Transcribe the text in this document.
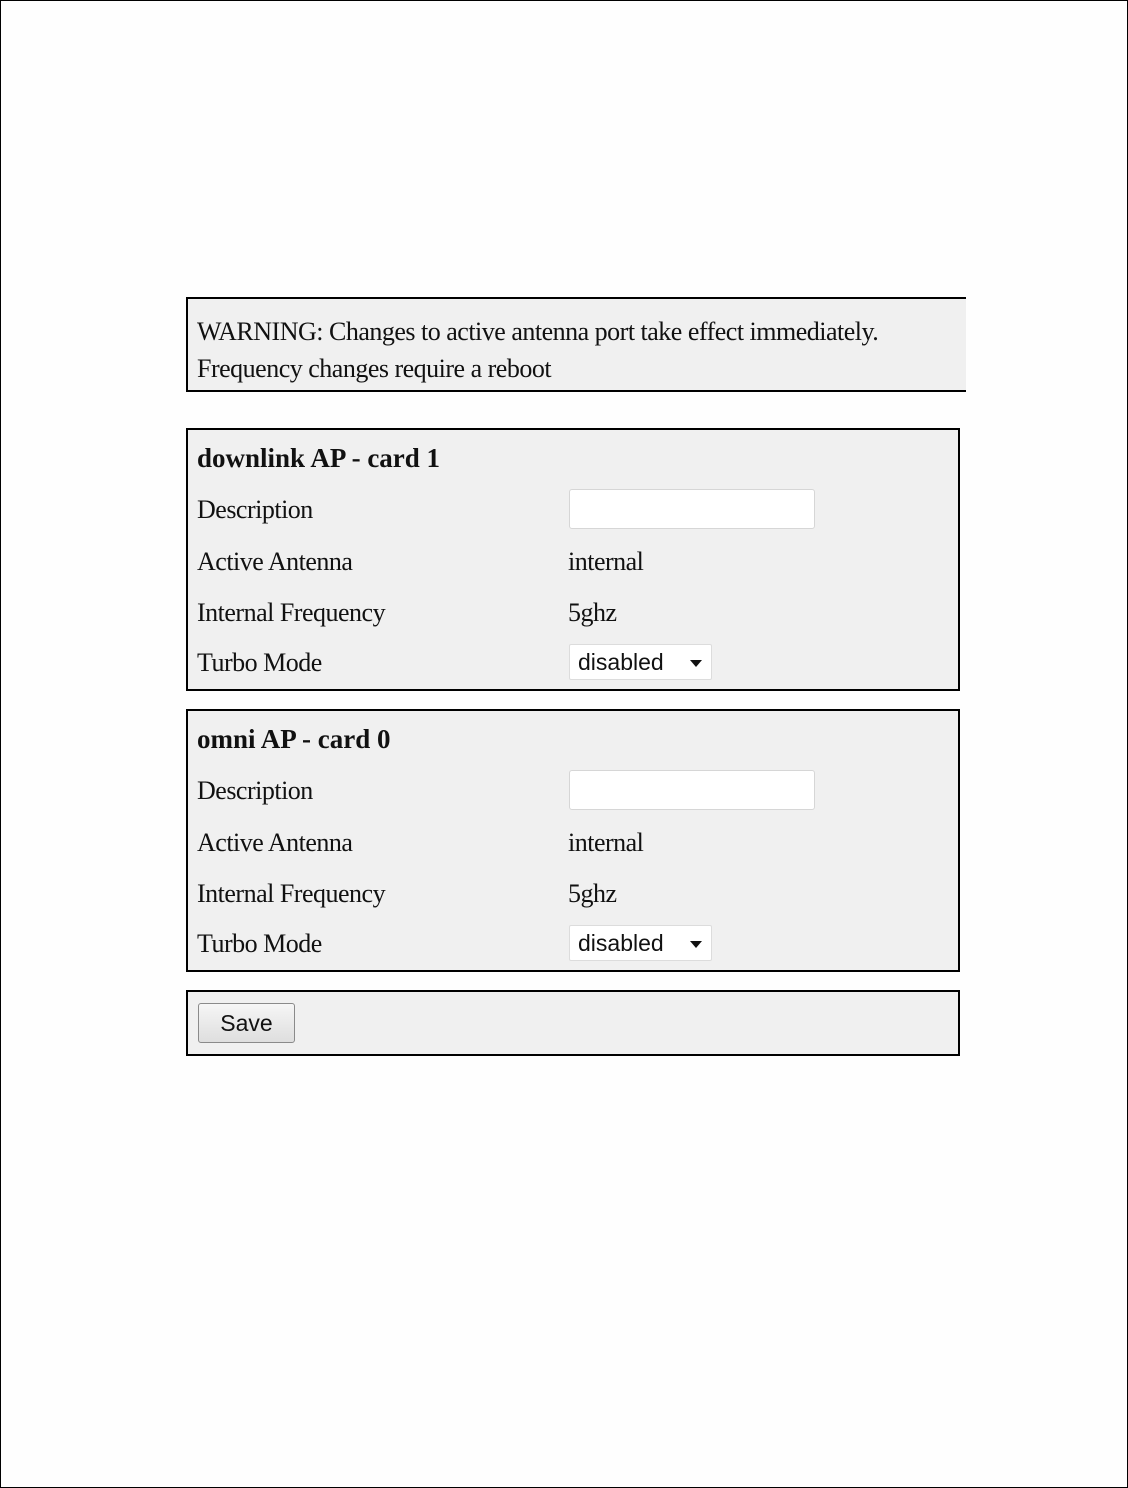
WARNING: Changes to active antenna port take effect immediately.
Frequency changes require a reboot
downlink AP - card 1
Description
Active Antenna	internal
Internal Frequency	5ghz
Turbo Mode	disabled
omni AP - card 0
Description
Active Antenna	internal
Internal Frequency	5ghz
Turbo Mode	disabled
Save
